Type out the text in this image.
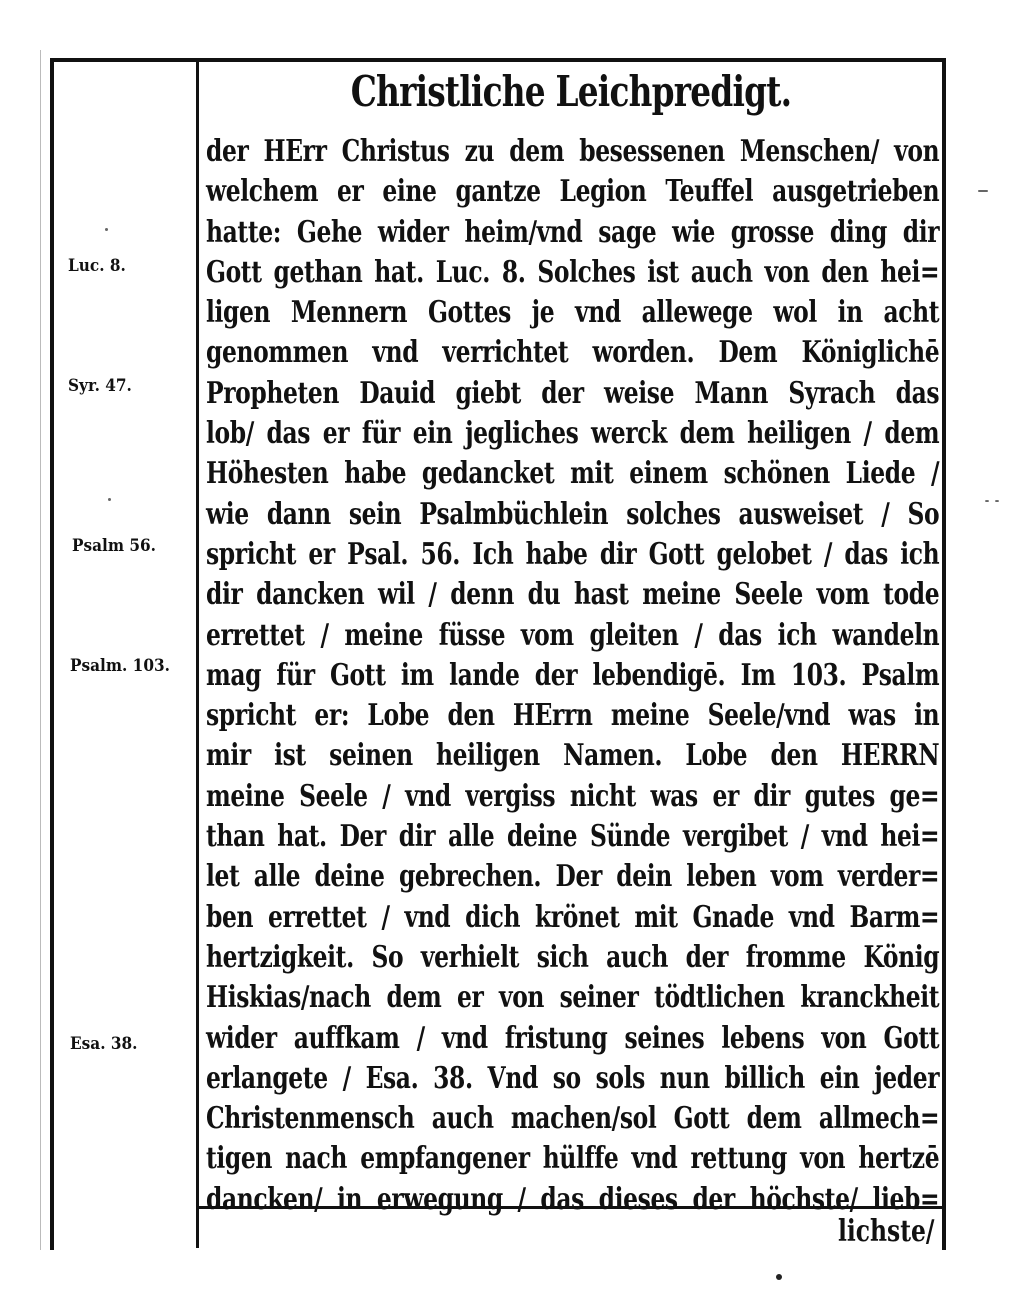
Christliche Leichpredigt.
der HErr Christus zu dem besessenen Menschen/ von
welchem er eine gantze Legion Teuffel ausgetrieben
hatte: Gehe wider heim/vnd sage wie grosse ding dir
Gott gethan hat. Luc. 8. Solches ist auch von den hei=
ligen Mennern Gottes je vnd allewege wol in acht
genommen vnd verrichtet worden. Dem Königlichē
Propheten Dauid giebt der weise Mann Syrach das
lob/ das er für ein jegliches werck dem heiligen / dem
Höhesten habe gedancket mit einem schönen Liede /
wie dann sein Psalmbüchlein solches ausweiset / So
spricht er Psal. 56. Ich habe dir Gott gelobet / das ich
dir dancken wil / denn du hast meine Seele vom tode
errettet / meine füsse vom gleiten / das ich wandeln
mag für Gott im lande der lebendigē. Im 103. Psalm
spricht er: Lobe den HErrn meine Seele/vnd was in
mir ist seinen heiligen Namen. Lobe den HERRN
meine Seele / vnd vergiss nicht was er dir gutes ge=
than hat. Der dir alle deine Sünde vergibet / vnd hei=
let alle deine gebrechen. Der dein leben vom verder=
ben errettet / vnd dich krönet mit Gnade vnd Barm=
hertzigkeit. So verhielt sich auch der fromme König
Hiskias/nach dem er von seiner tödtlichen kranckheit
wider auffkam / vnd fristung seines lebens von Gott
erlangete / Esa. 38. Vnd so sols nun billich ein jeder
Christenmensch auch machen/sol Gott dem allmech=
tigen nach empfangener hülffe vnd rettung von hertzē
dancken/ in erwegung / das dieses der höchste/ lieb=
Luc. 8.
Syr. 47.
Psalm 56.
Psalm. 103.
Esa. 38.
lichste/
